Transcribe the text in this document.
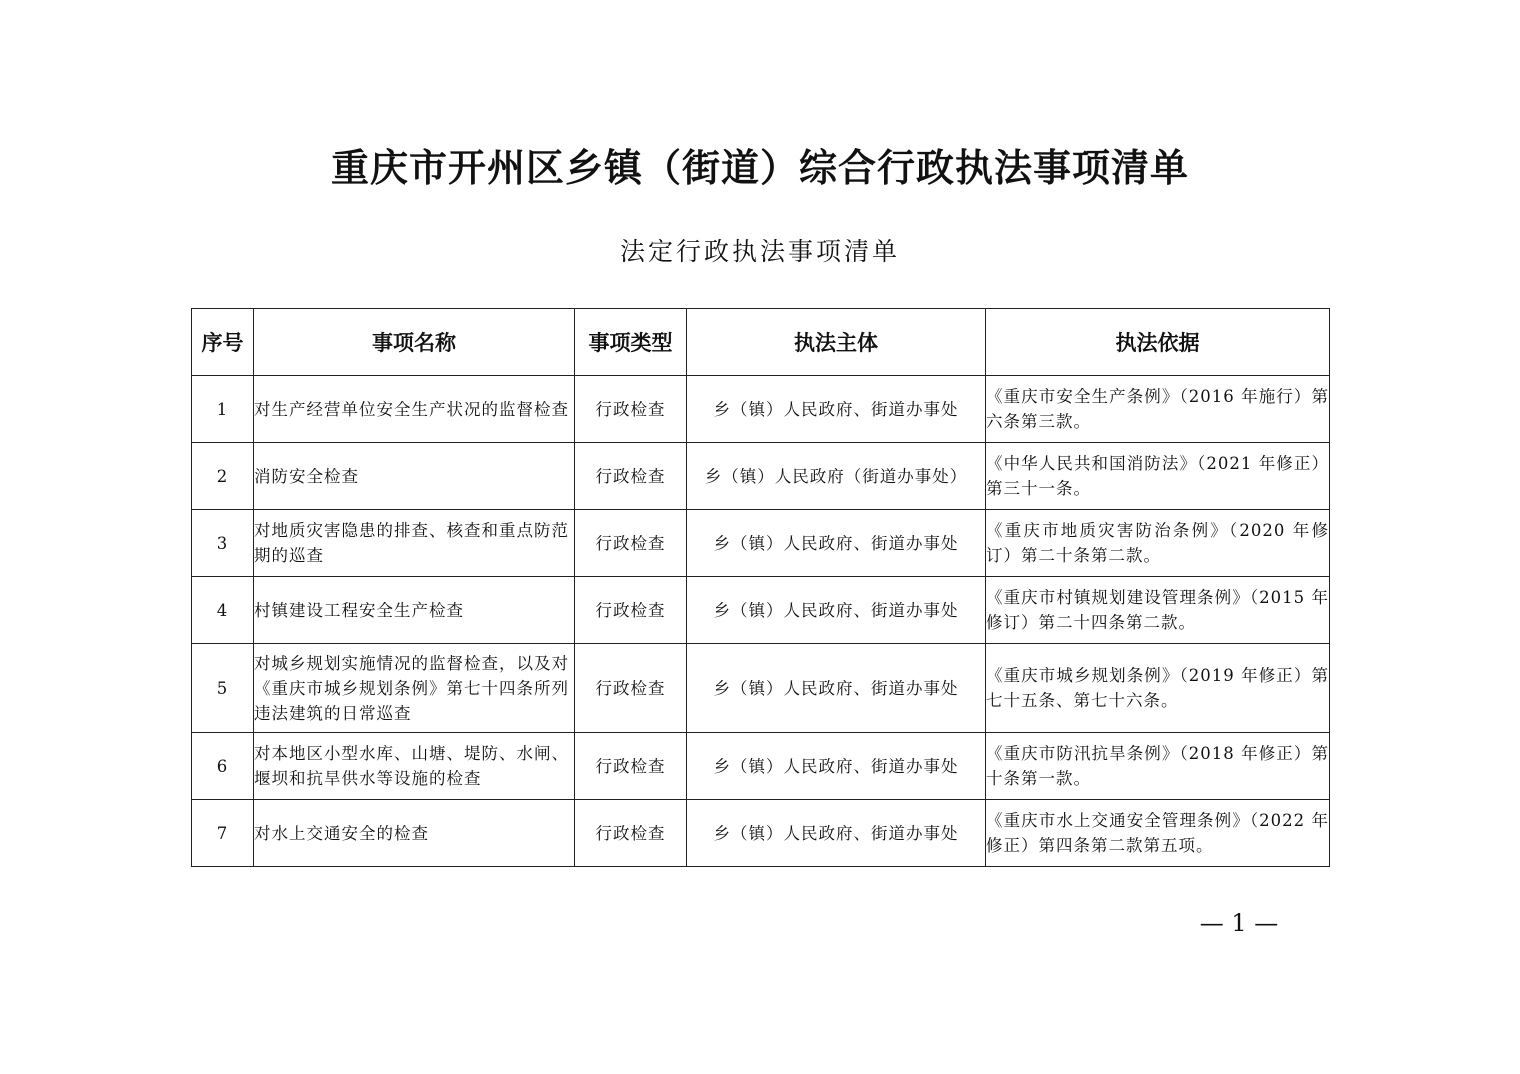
重庆市开州区乡镇（街道）综合行政执法事项清单
法定行政执法事项清单
序号	事项名称	事项类型	执法主体	执法依据
1	对生产经营单位安全生产状况的监督检查	行政检查	乡（镇）人民政府、街道办事处	《重庆市安全生产条例》（2016 年施行）第六条第三款。
2	消防安全检查	行政检查	乡（镇）人民政府（街道办事处）	《中华人民共和国消防法》（2021 年修正）第三十一条。
3	对地质灾害隐患的排查、核查和重点防范期的巡查	行政检查	乡（镇）人民政府、街道办事处	《重庆市地质灾害防治条例》（2020 年修订）第二十条第二款。
4	村镇建设工程安全生产检查	行政检查	乡（镇）人民政府、街道办事处	《重庆市村镇规划建设管理条例》（2015 年修订）第二十四条第二款。
5	对城乡规划实施情况的监督检查，以及对《重庆市城乡规划条例》第七十四条所列违法建筑的日常巡查	行政检查	乡（镇）人民政府、街道办事处	《重庆市城乡规划条例》（2019 年修正）第七十五条、第七十六条。
6	对本地区小型水库、山塘、堤防、水闸、堰坝和抗旱供水等设施的检查	行政检查	乡（镇）人民政府、街道办事处	《重庆市防汛抗旱条例》（2018 年修正）第十条第一款。
7	对水上交通安全的检查	行政检查	乡（镇）人民政府、街道办事处	《重庆市水上交通安全管理条例》（2022 年修正）第四条第二款第五项。
— 1 —
